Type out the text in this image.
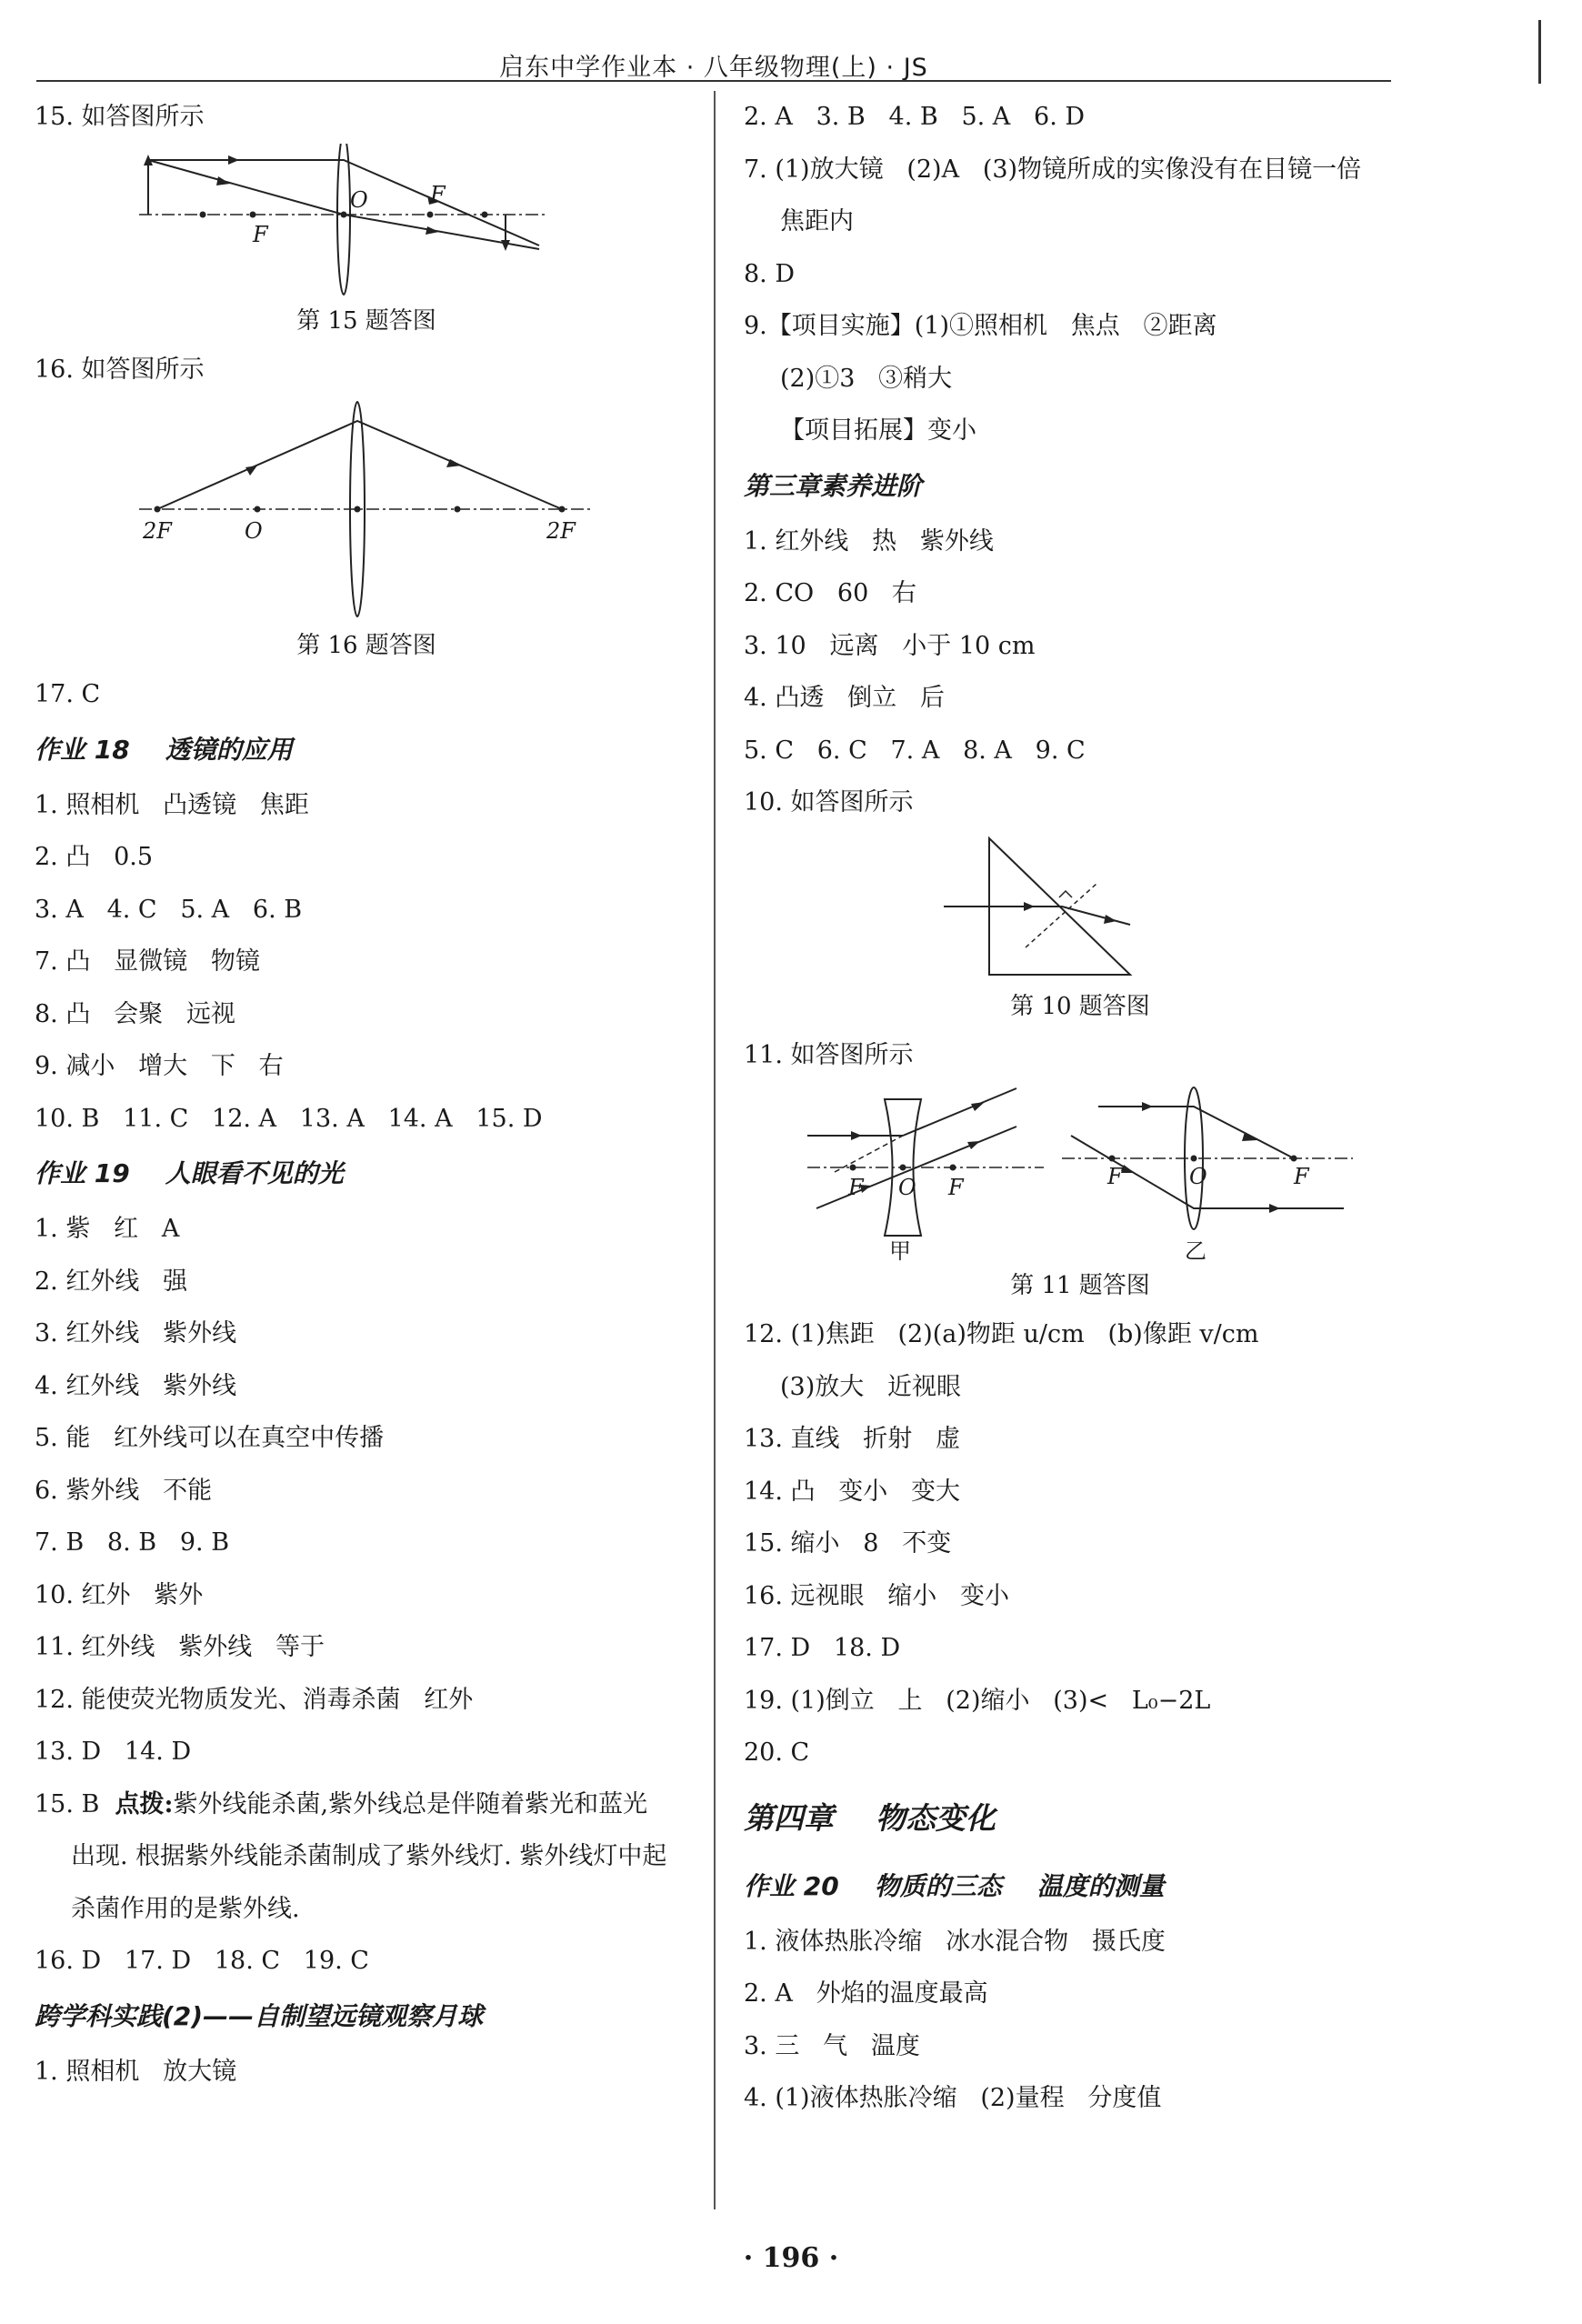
启东中学作业本 · 八年级物理(上) · JS
15. 如答图所示
F
O	F
第 15 题答图
16. 如答图所示
2F	O	2F
第 16 题答图
17. C
作业 18    透镜的应用
1. 照相机   凸透镜   焦距
2. 凸   0.5
3. A   4. C   5. A   6. B
7. 凸   显微镜   物镜
8. 凸   会聚   远视
9. 减小   增大   下   右
10. B   11. C   12. A   13. A   14. A   15. D
作业 19    人眼看不见的光
1. 紫   红   A
2. 红外线   强
3. 红外线   紫外线
4. 红外线   紫外线
5. 能   红外线可以在真空中传播
6. 紫外线   不能
7. B   8. B   9. B
10. 红外   紫外
11. 红外线   紫外线   等于
12. 能使荧光物质发光、消毒杀菌   红外
13. D   14. D
15. B  点拨:紫外线能杀菌,紫外线总是伴随着紫光和蓝光
出现. 根据紫外线能杀菌制成了紫外线灯. 紫外线灯中起
杀菌作用的是紫外线.
16. D   17. D   18. C   19. C
跨学科实践(2)——自制望远镜观察月球
1. 照相机   放大镜
2. A   3. B   4. B   5. A   6. D
7. (1)放大镜   (2)A   (3)物镜所成的实像没有在目镜一倍
焦距内
8. D
9.【项目实施】(1)①照相机   焦点   ②距离
(2)①3   ③稍大
【项目拓展】变小
第三章素养进阶
1. 红外线   热   紫外线
2. CO   60   右
3. 10   远离   小于 10 cm
4. 凸透   倒立   后
5. C   6. C   7. A   8. A   9. C
10. 如答图所示
第 10 题答图
11. 如答图所示
F O F	F	O	F
甲	乙
第 11 题答图
12. (1)焦距   (2)(a)物距 u/cm   (b)像距 v/cm
(3)放大   近视眼
13. 直线   折射   虚
14. 凸   变小   变大
15. 缩小   8   不变
16. 远视眼   缩小   变小
17. D   18. D
19. (1)倒立   上   (2)缩小   (3)<   L₀−2L
20. C
第四章    物态变化
作业 20    物质的三态    温度的测量
1. 液体热胀冷缩   冰水混合物   摄氏度
2. A   外焰的温度最高
3. 三   气   温度
4. (1)液体热胀冷缩   (2)量程   分度值
· 196 ·
